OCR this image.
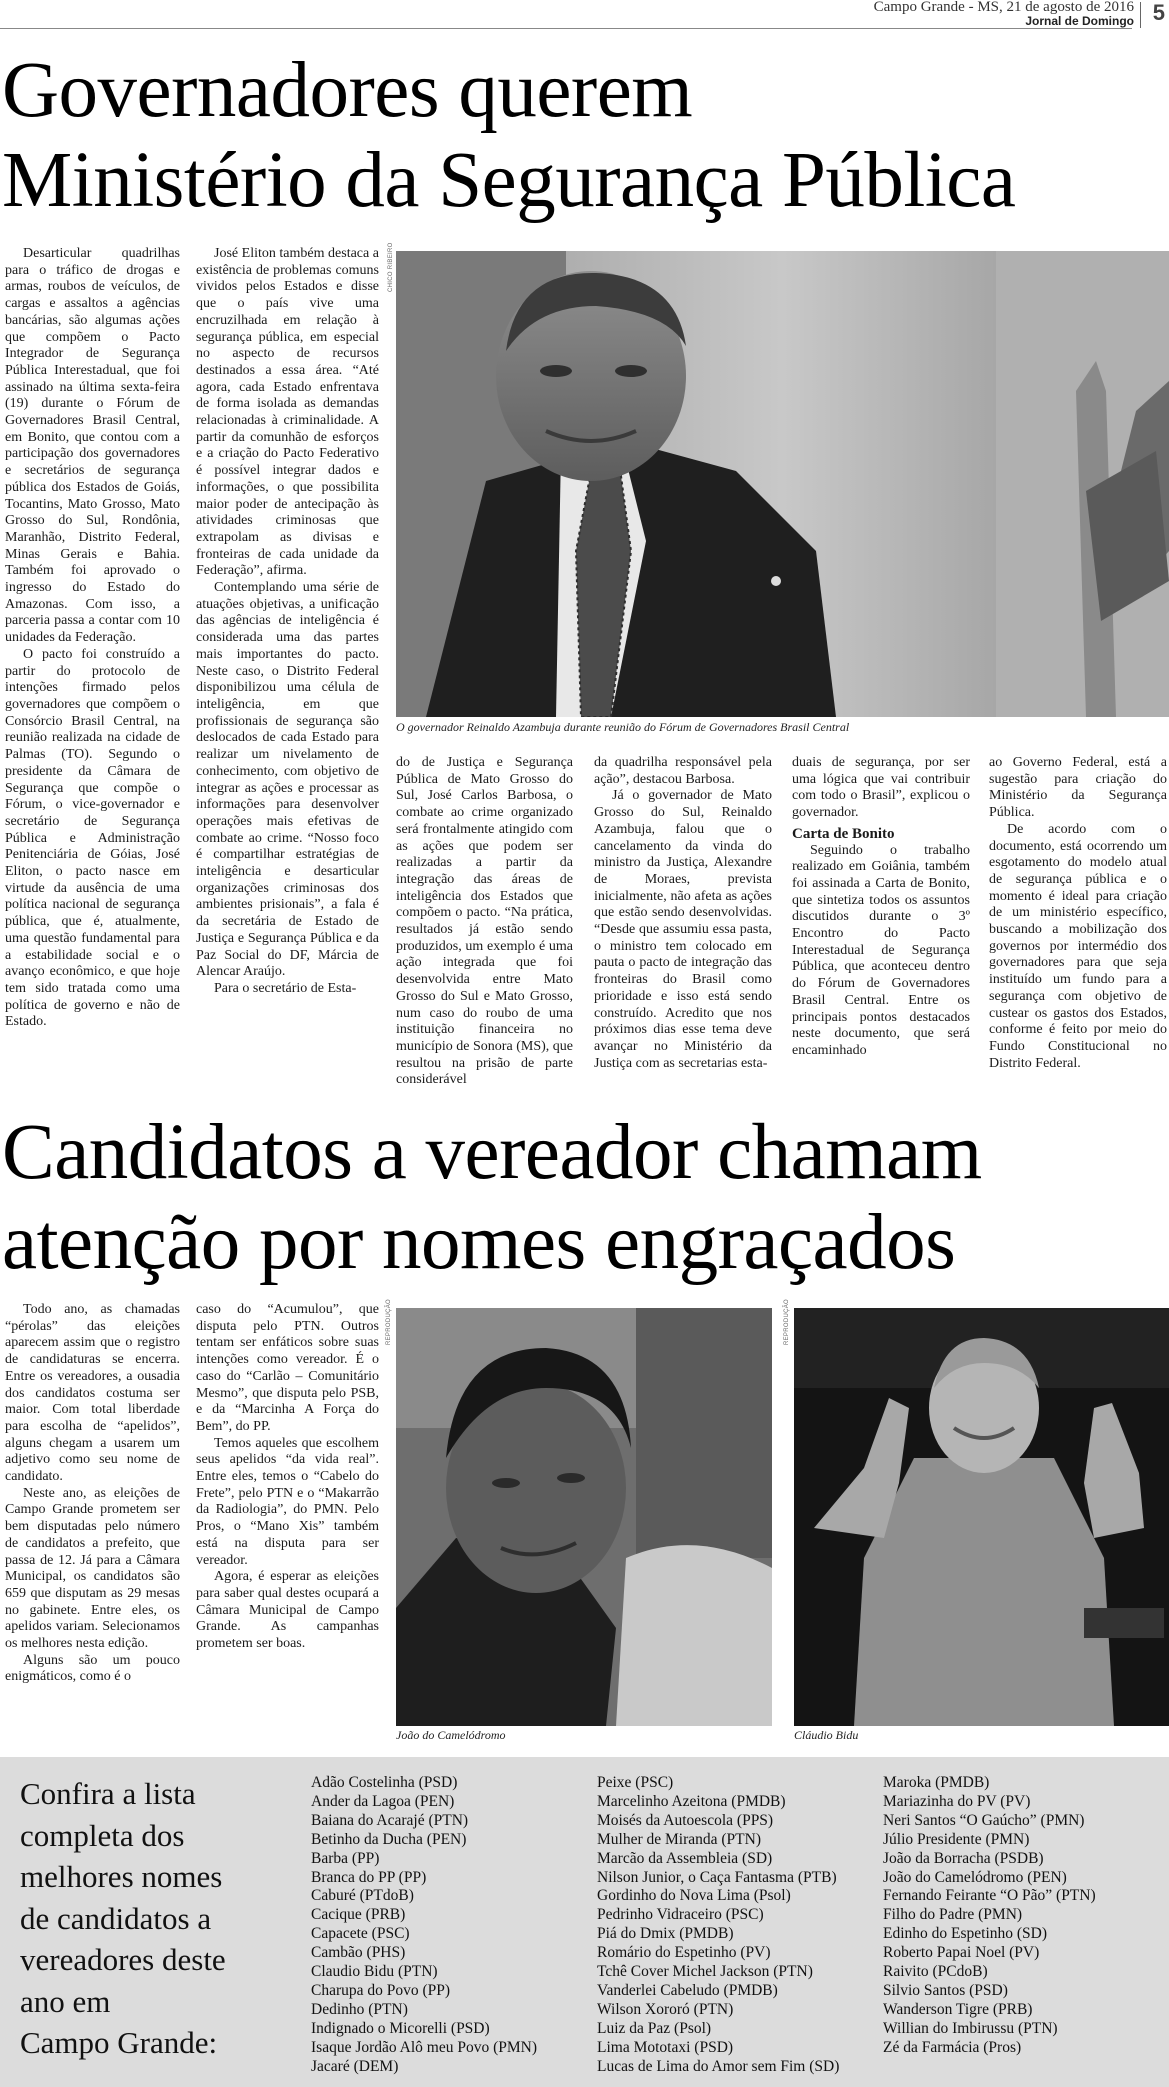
Campo Grande - MS, 21 de agosto de 2016
Jornal de Domingo 5
Governadores querem
Ministério da Segurança Pública

Desarticular quadrilhas para o tráfico de drogas e armas, roubos de veículos, de cargas e assaltos a agências bancárias, são algumas ações que compõem o Pacto Integrador de Segurança Pública Interestadual, que foi assinado na última sexta-feira (19) durante o Fórum de Governadores Brasil Central, em Bonito, que contou com a participação dos governadores e secretários de segurança pública dos Estados de Goiás, Tocantins, Mato Grosso, Mato Grosso do Sul, Rondônia, Maranhão, Distrito Federal, Minas Gerais e Bahia. Também foi aprovado o ingresso do Estado do Amazonas. Com isso, a parceria passa a contar com 10 unidades da Federação.

O pacto foi construído a partir do protocolo de intenções firmado pelos governadores que compõem o Consórcio Brasil Central, na reunião realizada na cidade de Palmas (TO). Segundo o presidente da Câmara de Segurança que compõe o Fórum, o vice-governador e secretário de Segurança Pública e Administração Penitenciária de Góias, José Eliton, o pacto nasce em virtude da ausência de uma política nacional de segurança pública, que é, atualmente, uma questão fundamental para a estabilidade social e o avanço econômico, e que hoje tem sido tratada como uma política de governo e não de Estado.

José Eliton também destaca a existência de problemas comuns vividos pelos Estados e disse que o país vive uma encruzilhada em relação à segurança pública, em especial no aspecto de recursos destinados a essa área. “Até agora, cada Estado enfrentava de forma isolada as demandas relacionadas à criminalidade. A partir da comunhão de esforços e a criação do Pacto Federativo é possível integrar dados e informações, o que possibilita maior poder de antecipação às atividades criminosas que extrapolam as divisas e fronteiras de cada unidade da Federação”, afirma.

Contemplando uma série de atuações objetivas, a unificação das agências de inteligência é considerada uma das partes mais importantes do pacto. Neste caso, o Distrito Federal disponibilizou uma célula de inteligência, em que profissionais de segurança são deslocados de cada Estado para realizar um nivelamento de conhecimento, com objetivo de integrar as ações e processar as informações para desenvolver operações mais efetivas de combate ao crime. “Nosso foco é compartilhar estratégias de inteligência e desarticular organizações criminosas dos ambientes prisionais”, a fala é da secretária de Estado de Justiça e Segurança Pública e da Paz Social do DF, Márcia de Alencar Araújo.

Para o secretário de Esta-

CHICO RIBEIRO
O governador Reinaldo Azambuja durante reunião do Fórum de Governadores Brasil Central

do de Justiça e Segurança Pública de Mato Grosso do Sul, José Carlos Barbosa, o combate ao crime organizado será frontalmente atingido com as ações que podem ser realizadas a partir da integração das áreas de inteligência dos Estados que compõem o pacto. “Na prática, resultados já estão sendo produzidos, um exemplo é uma ação integrada que foi desenvolvida entre Mato Grosso do Sul e Mato Grosso, num caso do roubo de uma instituição financeira no município de Sonora (MS), que resultou na prisão de parte considerável

da quadrilha responsável pela ação”, destacou Barbosa.

Já o governador de Mato Grosso do Sul, Reinaldo Azambuja, falou que o cancelamento da vinda do ministro da Justiça, Alexandre de Moraes, prevista inicialmente, não afeta as ações que estão sendo desenvolvidas. “Desde que assumiu essa pasta, o ministro tem colocado em pauta o pacto de integração das fronteiras do Brasil como prioridade e isso está sendo construído. Acredito que nos próximos dias esse tema deve avançar no Ministério da Justiça com as secretarias esta-

duais de segurança, por ser uma lógica que vai contribuir com todo o Brasil”, explicou o governador.

Carta de Bonito

Seguindo o trabalho realizado em Goiânia, também foi assinada a Carta de Bonito, que sintetiza todos os assuntos discutidos durante o 3º Encontro do Pacto Interestadual de Segurança Pública, que aconteceu dentro do Fórum de Governadores Brasil Central. Entre os principais pontos destacados neste documento, que será encaminhado

ao Governo Federal, está a sugestão para criação do Ministério da Segurança Pública.

De acordo com o documento, está ocorrendo um esgotamento do modelo atual de segurança pública e o momento é ideal para criação de um ministério específico, buscando a mobilização dos governos por intermédio dos governadores para que seja instituído um fundo para a segurança com objetivo de custear os gastos dos Estados, conforme é feito por meio do Fundo Constitucional no Distrito Federal.

Candidatos a vereador chamam
atenção por nomes engraçados

Todo ano, as chamadas “pérolas” das eleições aparecem assim que o registro de candidaturas se encerra. Entre os vereadores, a ousadia dos candidatos costuma ser maior. Com total liberdade para escolha de “apelidos”, alguns chegam a usarem um adjetivo como seu nome de candidato.

Neste ano, as eleições de Campo Grande prometem ser bem disputadas pelo número de candidatos a prefeito, que passa de 12. Já para a Câmara Municipal, os candidatos são 659 que disputam as 29 mesas no gabinete. Entre eles, os apelidos variam. Selecionamos os melhores nesta edição.

Alguns são um pouco enigmáticos, como é o

caso do “Acumulou”, que disputa pelo PTN. Outros tentam ser enfáticos sobre suas intenções como vereador. É o caso do “Carlão – Comunitário Mesmo”, que disputa pelo PSB, e da “Marcinha A Força do Bem”, do PP.

Temos aqueles que escolhem seus apelidos “da vida real”. Entre eles, temos o “Cabelo do Frete”, pelo PTN e o “Makarrão da Radiologia”, do PMN. Pelo Pros, o “Mano Xis” também está na disputa para ser vereador.

Agora, é esperar as eleições para saber qual destes ocupará a Câmara Municipal de Campo Grande. As campanhas prometem ser boas.

REPRODUÇÃO
João do Camelódromo
REPRODUÇÃO
Cláudio Bidu
Confira a lista
completa dos
melhores nomes
de candidatos a
vereadores deste
ano em
Campo Grande:
Adão Costelinha (PSD)
Ander da Lagoa (PEN)
Baiana do Acarajé (PTN)
Betinho da Ducha (PEN)
Barba (PP)
Branca do PP (PP)
Caburé (PTdoB)
Cacique (PRB)
Capacete (PSC)
Cambão (PHS)
Claudio Bidu (PTN)
Charupa do Povo (PP)
Dedinho (PTN)
Indignado o Micorelli (PSD)
Isaque Jordão Alô meu Povo (PMN)
Jacaré (DEM)
Peixe (PSC)
Marcelinho Azeitona (PMDB)
Moisés da Autoescola (PPS)
Mulher de Miranda (PTN)
Marcão da Assembleia (SD)
Nilson Junior, o Caça Fantasma (PTB)
Gordinho do Nova Lima (Psol)
Pedrinho Vidraceiro (PSC)
Piá do Dmix (PMDB)
Romário do Espetinho (PV)
Tchê Cover Michel Jackson (PTN)
Vanderlei Cabeludo (PMDB)
Wilson Xororó (PTN)
Luiz da Paz (Psol)
Lima Mototaxi (PSD)
Lucas de Lima do Amor sem Fim (SD)
Maroka (PMDB)
Mariazinha do PV (PV)
Neri Santos “O Gaúcho” (PMN)
Júlio Presidente (PMN)
João da Borracha (PSDB)
João do Camelódromo (PEN)
Fernando Feirante “O Pão” (PTN)
Filho do Padre (PMN)
Edinho do Espetinho (SD)
Roberto Papai Noel (PV)
Raivito (PCdoB)
Silvio Santos (PSD)
Wanderson Tigre (PRB)
Willian do Imbirussu (PTN)
Zé da Farmácia (Pros)
